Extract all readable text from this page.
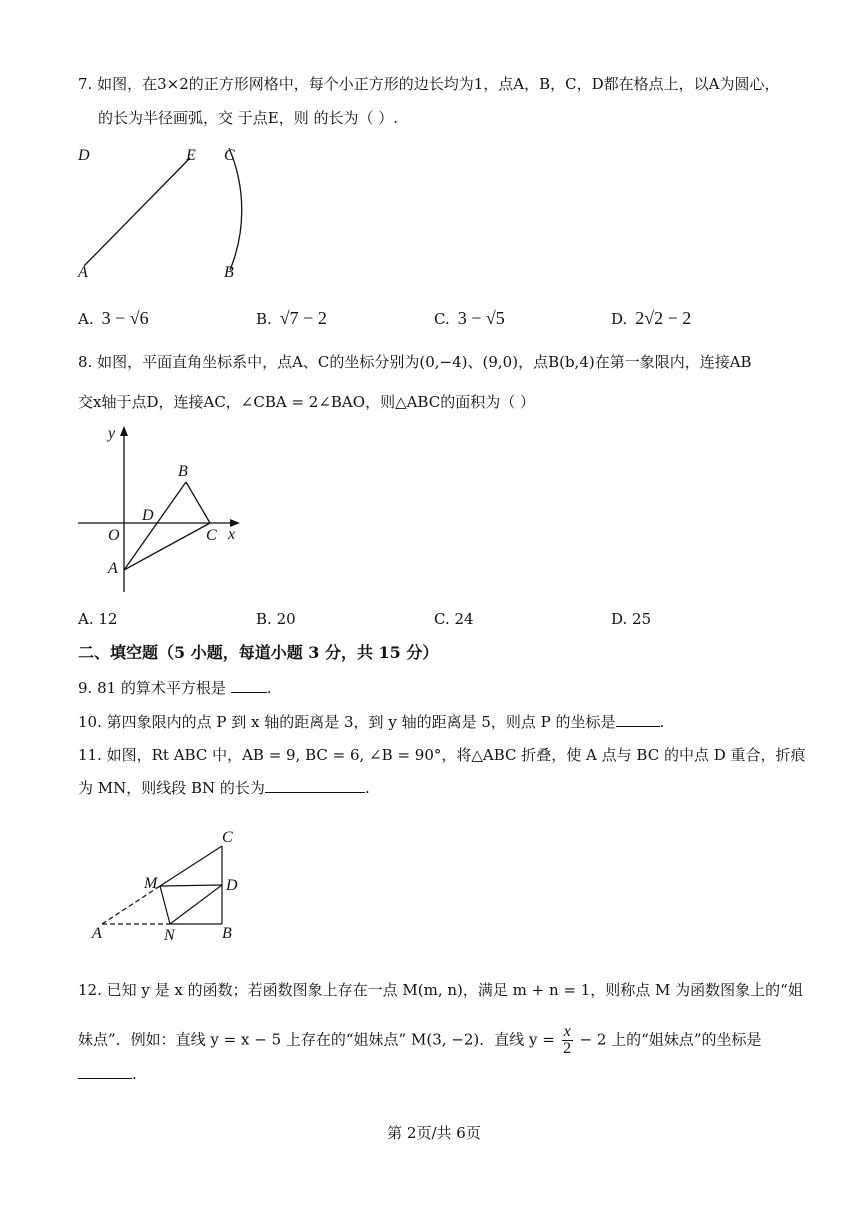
7. 如图，在3×2的正方形网格中，每个小正方形的边长均为1，点A，B，C，D都在格点上，以A为圆心，
的长为半径画弧，交 于点E，则 的长为（ ）.
D	E C
A	B
A. 3 − √6	B. √7 − 2	C. 3 − √5	D. 2√2 − 2
8. 如图，平面直角坐标系中，点A、C的坐标分别为(0,−4)、(9,0)，点B(b,4)在第一象限内，连接AB
交x轴于点D，连接AC，∠CBA = 2∠BAO，则△ABC的面积为（ ）
y
x
O
B
D
C
A
A. 12	B. 20	C. 24	D. 25
二、填空题（5 小题，每道小题 3 分，共 15 分）
9. 81 的算术平方根是	.
10. 第四象限内的点 P 到 x 轴的距离是 3，到 y 轴的距离是 5，则点 P 的坐标是	.
11. 如图，Rt ABC 中，AB = 9, BC = 6, ∠B = 90°，将△ABC 折叠，使 A 点与 BC 的中点 D 重合，折痕
为 MN，则线段 BN 的长为	.
C
M	D
A	N	B
12. 已知 y 是 x 的函数；若函数图象上存在一点 M(m, n)，满足 m + n = 1，则称点 M 为函数图象上的“姐
妹点”．例如：直线 y = x − 5 上存在的“姐妹点” M(3, −2)．直线 $y = \frac{x}{2} - 2$ 上的“姐妹点”的坐标是
.
第 2页/共 6页
